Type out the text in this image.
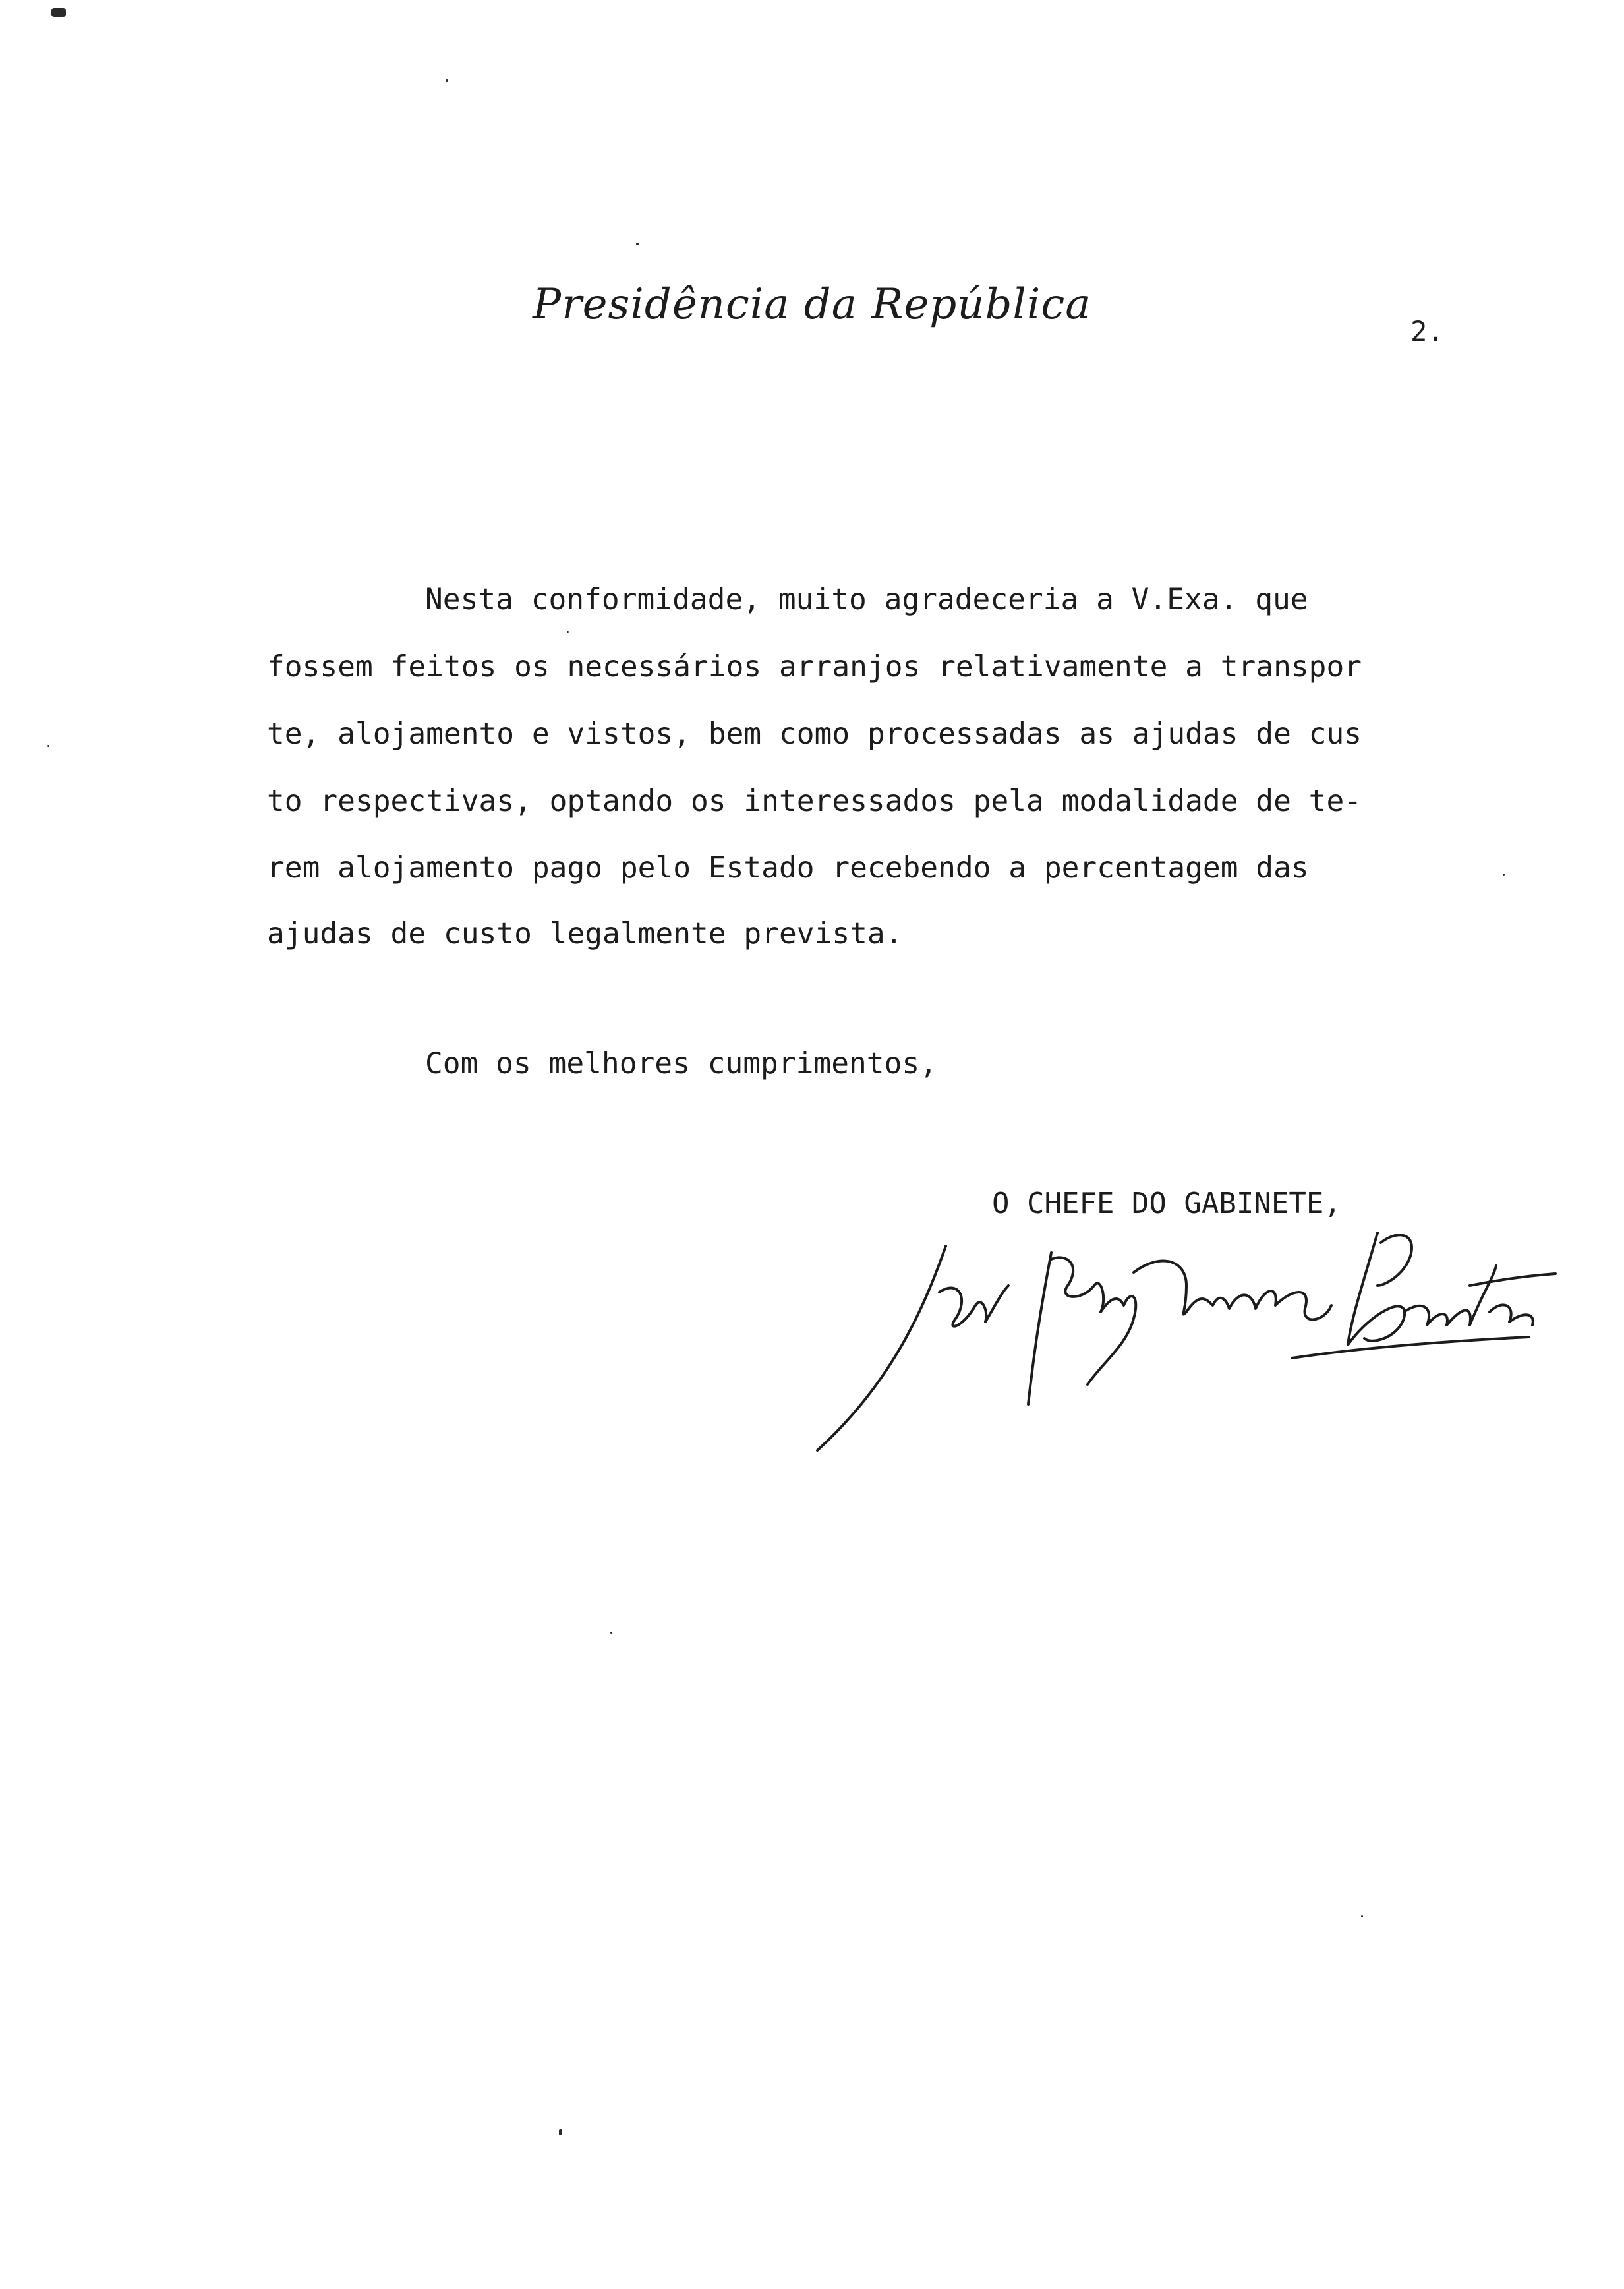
Presidência da República
2.
Nesta conformidade, muito agradeceria a V.Exa. que
fossem feitos os necessários arranjos relativamente a transpor
te, alojamento e vistos, bem como processadas as ajudas de cus
to respectivas, optando os interessados pela modalidade de te-
rem alojamento pago pelo Estado recebendo a percentagem das
ajudas de custo legalmente prevista.
Com os melhores cumprimentos,
O CHEFE DO GABINETE,
